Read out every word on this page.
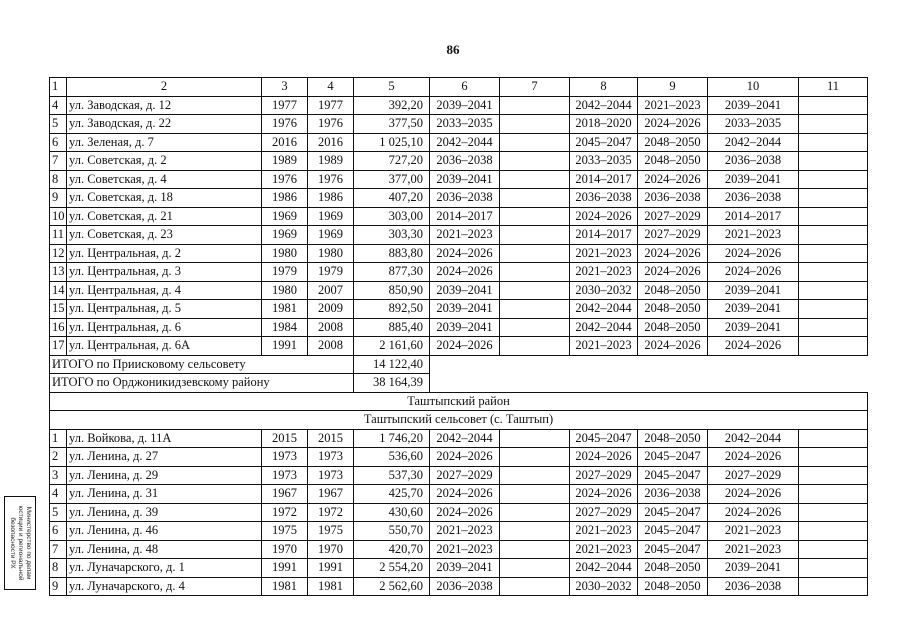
86
1	2	3	4	5	6	7	8	9	10	11
4	ул. Заводская, д. 12	1977	1977	392,20	2039–2041		2042–2044	2021–2023	2039–2041	
5	ул. Заводская, д. 22	1976	1976	377,50	2033–2035		2018–2020	2024–2026	2033–2035	
6	ул. Зеленая, д. 7	2016	2016	1 025,10	2042–2044		2045–2047	2048–2050	2042–2044	
7	ул. Советская, д. 2	1989	1989	727,20	2036–2038		2033–2035	2048–2050	2036–2038	
8	ул. Советская, д. 4	1976	1976	377,00	2039–2041		2014–2017	2024–2026	2039–2041	
9	ул. Советская, д. 18	1986	1986	407,20	2036–2038		2036–2038	2036–2038	2036–2038	
10	ул. Советская, д. 21	1969	1969	303,00	2014–2017		2024–2026	2027–2029	2014–2017	
11	ул. Советская, д. 23	1969	1969	303,30	2021–2023		2014–2017	2027–2029	2021–2023	
12	ул. Центральная, д. 2	1980	1980	883,80	2024–2026		2021–2023	2024–2026	2024–2026	
13	ул. Центральная, д. 3	1979	1979	877,30	2024–2026		2021–2023	2024–2026	2024–2026	
14	ул. Центральная, д. 4	1980	2007	850,90	2039–2041		2030–2032	2048–2050	2039–2041	
15	ул. Центральная, д. 5	1981	2009	892,50	2039–2041		2042–2044	2048–2050	2039–2041	
16	ул. Центральная, д. 6	1984	2008	885,40	2039–2041		2042–2044	2048–2050	2039–2041	
17	ул. Центральная, д. 6А	1991	2008	2 161,60	2024–2026		2021–2023	2024–2026	2024–2026	
ИТОГО по Приисковому сельсовету				14 122,40						
ИТОГО по Орджоникидзевскому району				38 164,39						
Таштыпский район										
Таштыпский сельсовет (с. Таштып)										
1	ул. Войкова, д. 11А	2015	2015	1 746,20	2042–2044		2045–2047	2048–2050	2042–2044	
2	ул. Ленина, д. 27	1973	1973	536,60	2024–2026		2024–2026	2045–2047	2024–2026	
3	ул. Ленина, д. 29	1973	1973	537,30	2027–2029		2027–2029	2045–2047	2027–2029	
4	ул. Ленина, д. 31	1967	1967	425,70	2024–2026		2024–2026	2036–2038	2024–2026	
5	ул. Ленина, д. 39	1972	1972	430,60	2024–2026		2027–2029	2045–2047	2024–2026	
6	ул. Ленина, д. 46	1975	1975	550,70	2021–2023		2021–2023	2045–2047	2021–2023	
7	ул. Ленина, д. 48	1970	1970	420,70	2021–2023		2021–2023	2045–2047	2021–2023	
8	ул. Луначарского, д. 1	1991	1991	2 554,20	2039–2041		2042–2044	2048–2050	2039–2041	
9	ул. Луначарского, д. 4	1981	1981	2 562,60	2036–2038		2030–2032	2048–2050	2036–2038	
Министерство по делам юстиции и региональной безопасности РХ
